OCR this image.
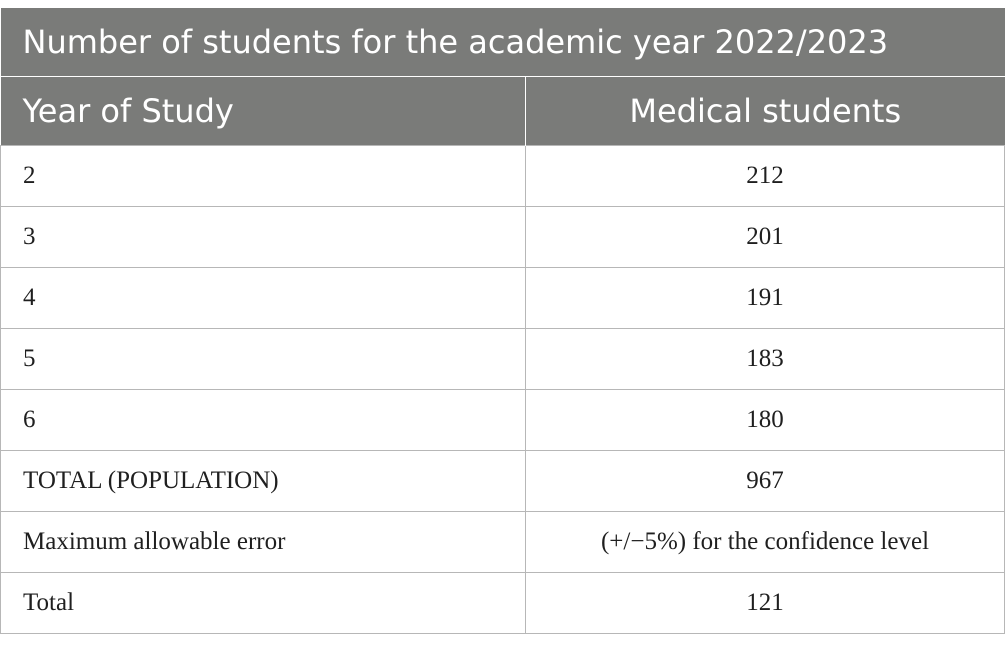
Number of students for the academic year 2022/2023	
Year of Study	Medical students
2	212
3	201
4	191
5	183
6	180
TOTAL (POPULATION)	967
Maximum allowable error	(+/−5%) for the confidence level
Total	121
